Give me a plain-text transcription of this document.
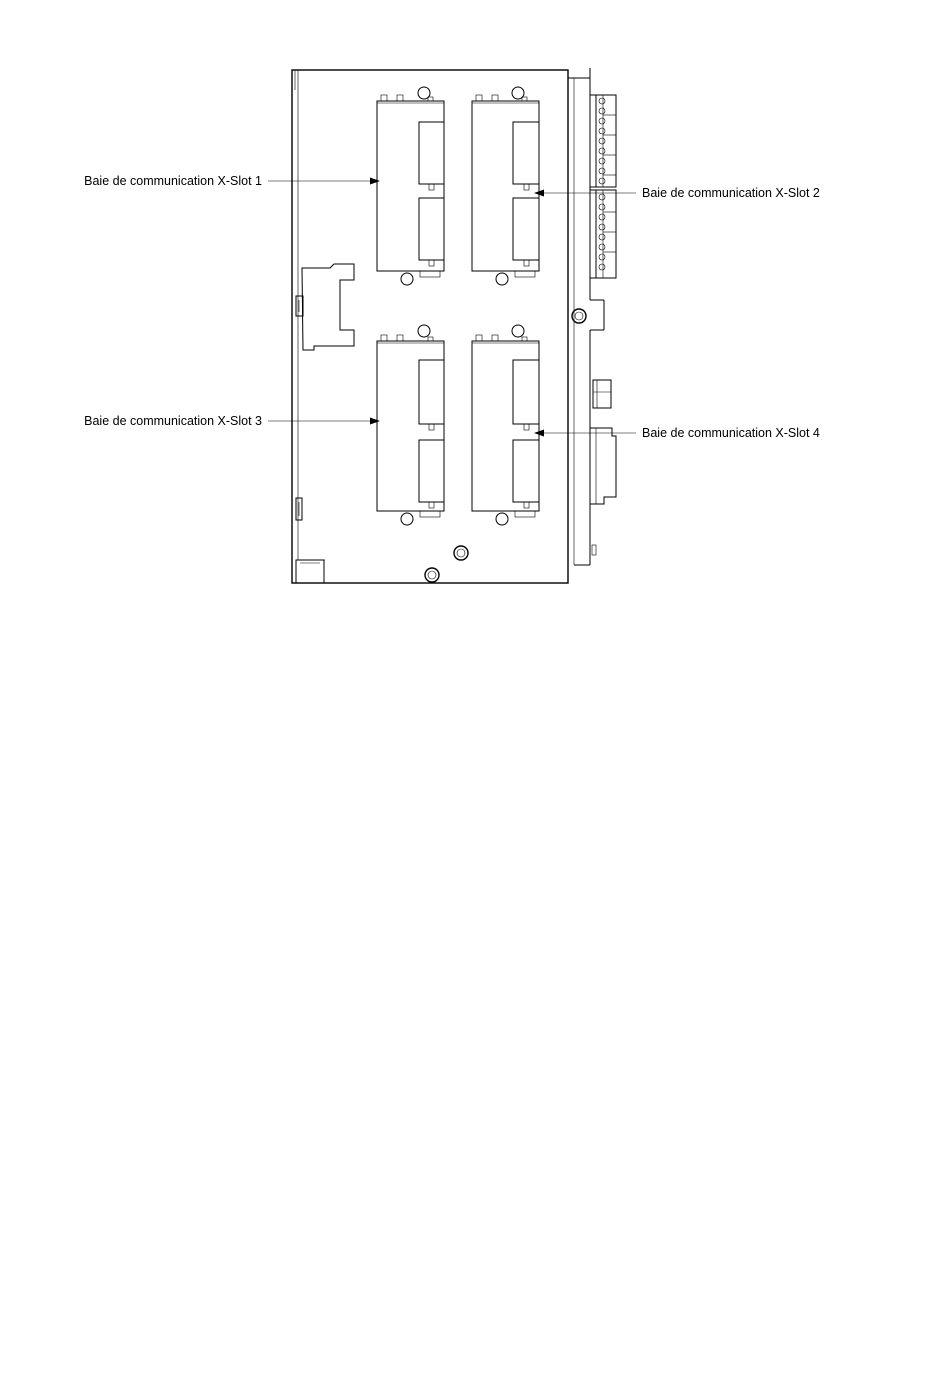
Baie de communication X-Slot 1
Baie de communication X-Slot 2
Baie de communication X-Slot 3
Baie de communication X-Slot 4
